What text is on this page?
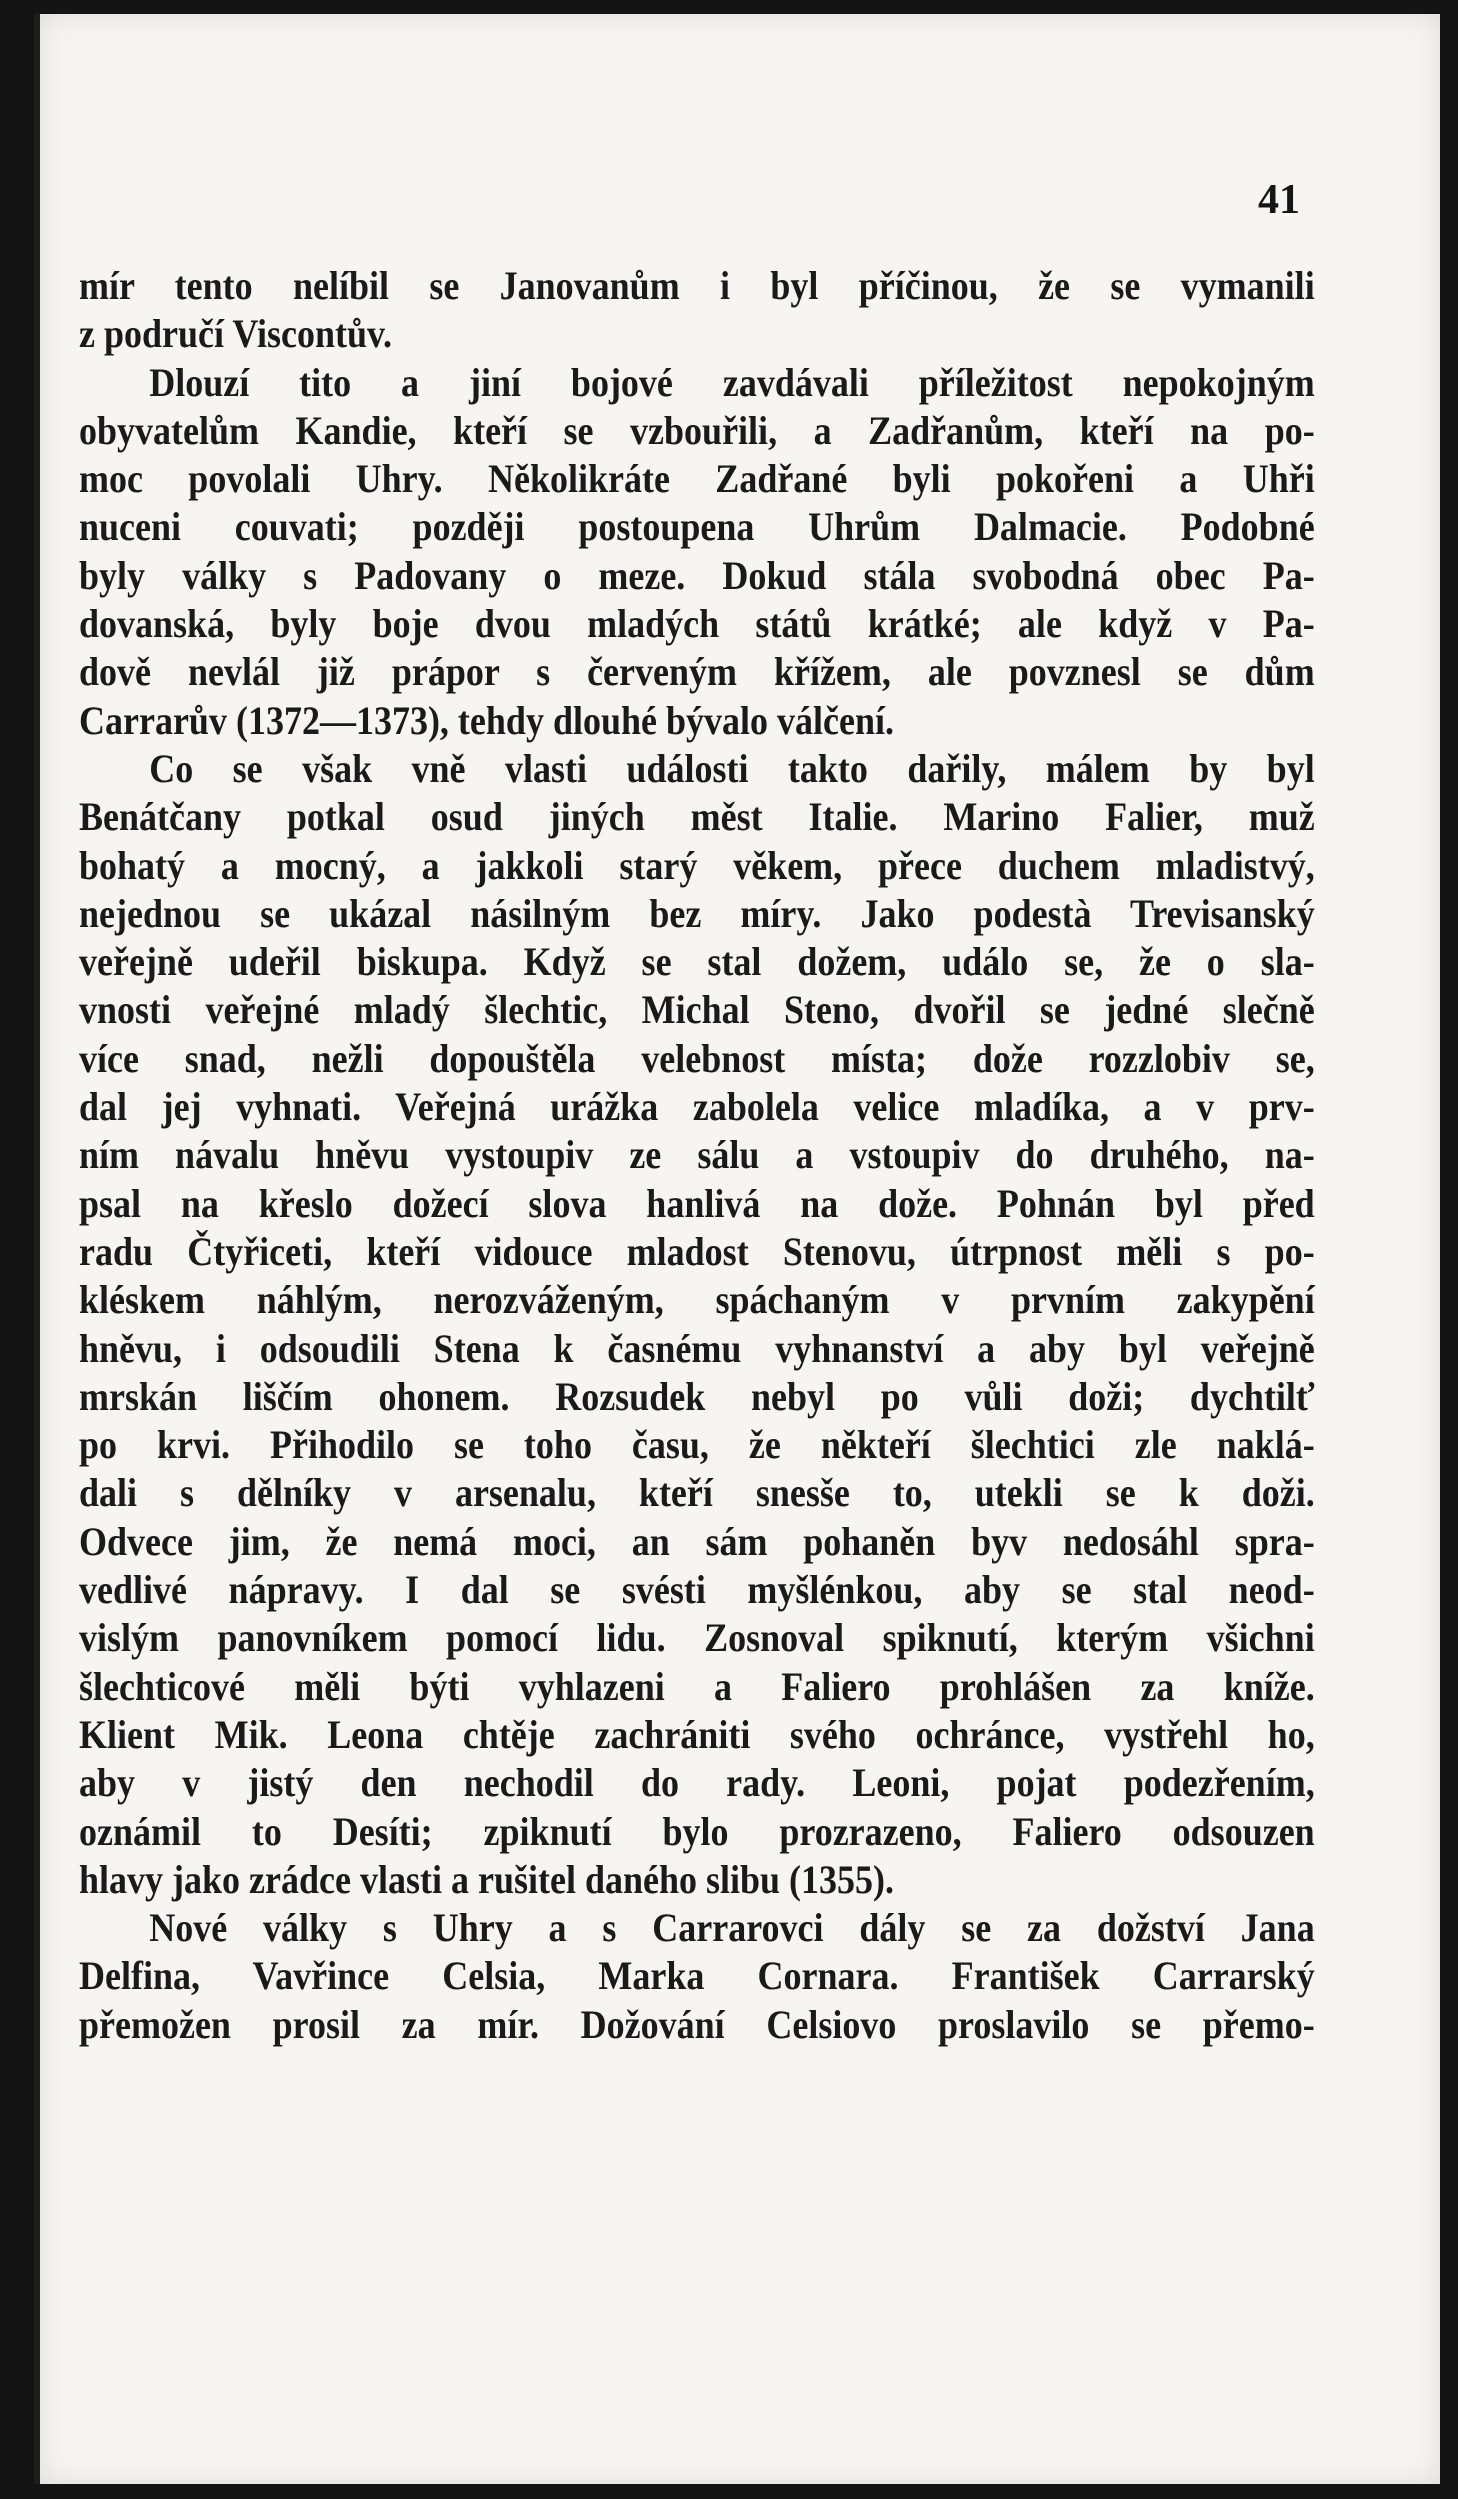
41
mír tento nelíbil se Janovanům i byl příčinou, že se vymanili
z područí Viscontův.
Dlouzí tito a jiní bojové zavdávali příležitost nepokojným
obyvatelům Kandie, kteří se vzbouřili, a Zadřanům, kteří na po-
moc povolali Uhry. Několikráte Zadřané byli pokořeni a Uhři
nuceni couvati; později postoupena Uhrům Dalmacie. Podobné
byly války s Padovany o meze. Dokud stála svobodná obec Pa-
dovanská, byly boje dvou mladých států krátké; ale když v Pa-
dově nevlál již prápor s červeným křížem, ale povznesl se dům
Carrarův (1372—1373), tehdy dlouhé bývalo válčení.
Co se však vně vlasti události takto dařily, málem by byl
Benátčany potkal osud jiných měst Italie. Marino Falier, muž
bohatý a mocný, a jakkoli starý věkem, přece duchem mladistvý,
nejednou se ukázal násilným bez míry. Jako podestà Trevisanský
veřejně udeřil biskupa. Když se stal dožem, událo se, že o sla-
vnosti veřejné mladý šlechtic, Michal Steno, dvořil se jedné slečně
více snad, nežli dopouštěla velebnost místa; dože rozzlobiv se,
dal jej vyhnati. Veřejná urážka zabolela velice mladíka, a v prv-
ním návalu hněvu vystoupiv ze sálu a vstoupiv do druhého, na-
psal na křeslo dožecí slova hanlivá na dože. Pohnán byl před
radu Čtyřiceti, kteří vidouce mladost Stenovu, útrpnost měli s po-
kléskem náhlým, nerozváženým, spáchaným v prvním zakypění
hněvu, i odsoudili Stena k časnému vyhnanství a aby byl veřejně
mrskán liščím ohonem. Rozsudek nebyl po vůli doži; dychtilť
po krvi. Přihodilo se toho času, že někteří šlechtici zle naklá-
dali s dělníky v arsenalu, kteří snesše to, utekli se k doži.
Odvece jim, že nemá moci, an sám pohaněn byv nedosáhl spra-
vedlivé nápravy. I dal se svésti myšlénkou, aby se stal neod-
vislým panovníkem pomocí lidu. Zosnoval spiknutí, kterým všichni
šlechticové měli býti vyhlazeni a Faliero prohlášen za kníže.
Klient Mik. Leona chtěje zachrániti svého ochránce, vystřehl ho,
aby v jistý den nechodil do rady. Leoni, pojat podezřením,
oznámil to Desíti; zpiknutí bylo prozrazeno, Faliero odsouzen
hlavy jako zrádce vlasti a rušitel daného slibu (1355).
Nové války s Uhry a s Carrarovci dály se za dožství Jana
Delfina, Vavřince Celsia, Marka Cornara. František Carrarský
přemožen prosil za mír. Dožování Celsiovo proslavilo se přemo-
